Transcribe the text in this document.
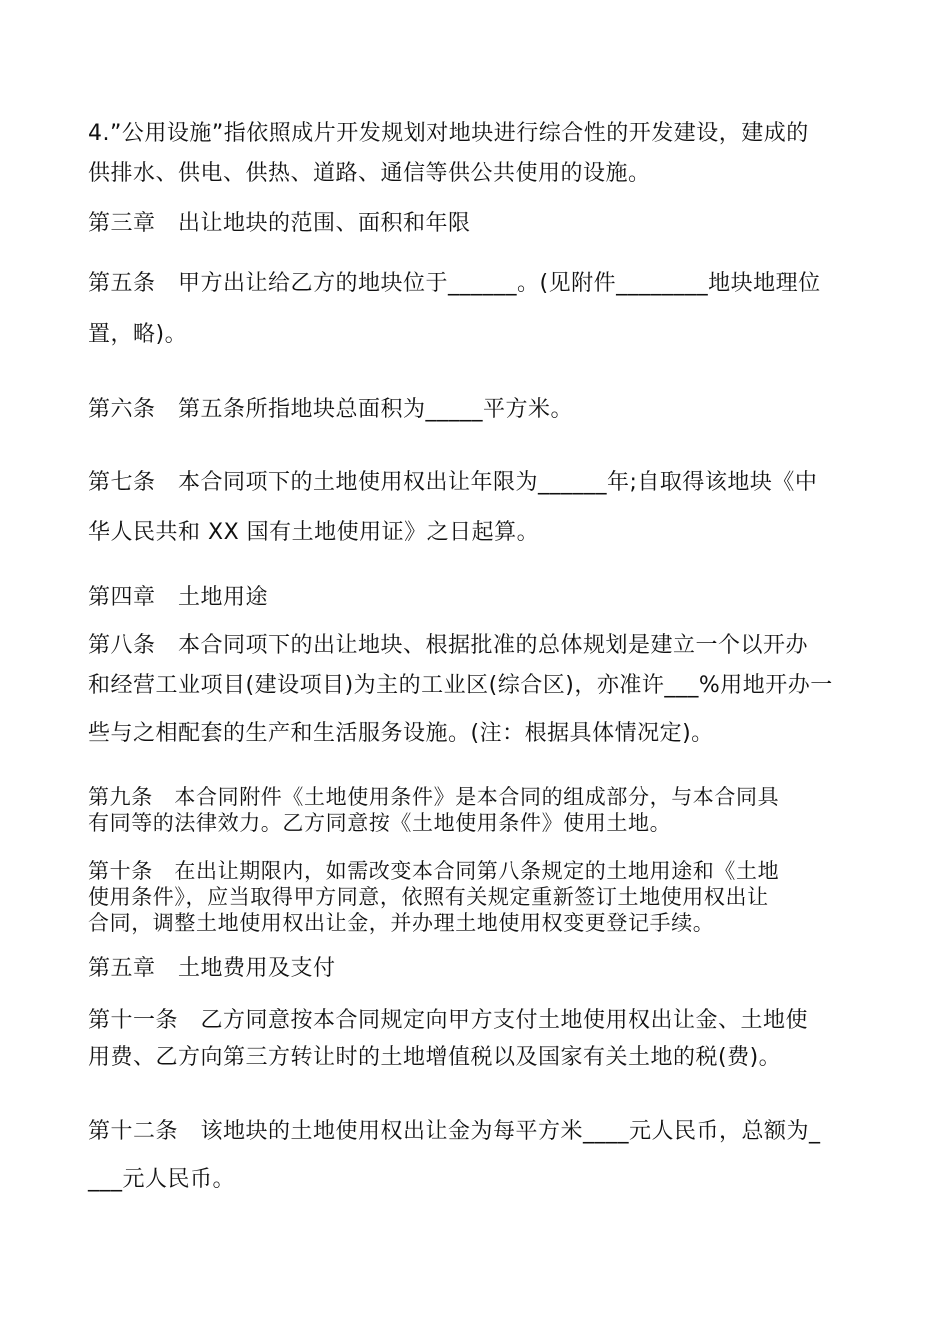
4.”公用设施”指依照成片开发规划对地块进行综合性的开发建设，建成的
供排水、供电、供热、道路、通信等供公共使用的设施。
第三章　出让地块的范围、面积和年限
第五条　甲方出让给乙方的地块位于______。(见附件________地块地理位
置，略)。
第六条　第五条所指地块总面积为_____平方米。
第七条　本合同项下的土地使用权出让年限为______年;自取得该地块《中
华人民共和 XX 国有土地使用证》之日起算。
第四章　土地用途
第八条　本合同项下的出让地块、根据批准的总体规划是建立一个以开办
和经营工业项目(建设项目)为主的工业区(综合区)，亦准许___%用地开办一
些与之相配套的生产和生活服务设施。(注：根据具体情况定)。
第九条　本合同附件《土地使用条件》是本合同的组成部分，与本合同具
有同等的法律效力。乙方同意按《土地使用条件》使用土地。
第十条　在出让期限内，如需改变本合同第八条规定的土地用途和《土地
使用条件》，应当取得甲方同意，依照有关规定重新签订土地使用权出让
合同，调整土地使用权出让金，并办理土地使用权变更登记手续。
第五章　土地费用及支付
第十一条　乙方同意按本合同规定向甲方支付土地使用权出让金、土地使
用费、乙方向第三方转让时的土地增值税以及国家有关土地的税(费)。
第十二条　该地块的土地使用权出让金为每平方米____元人民币，总额为_
___元人民币。
